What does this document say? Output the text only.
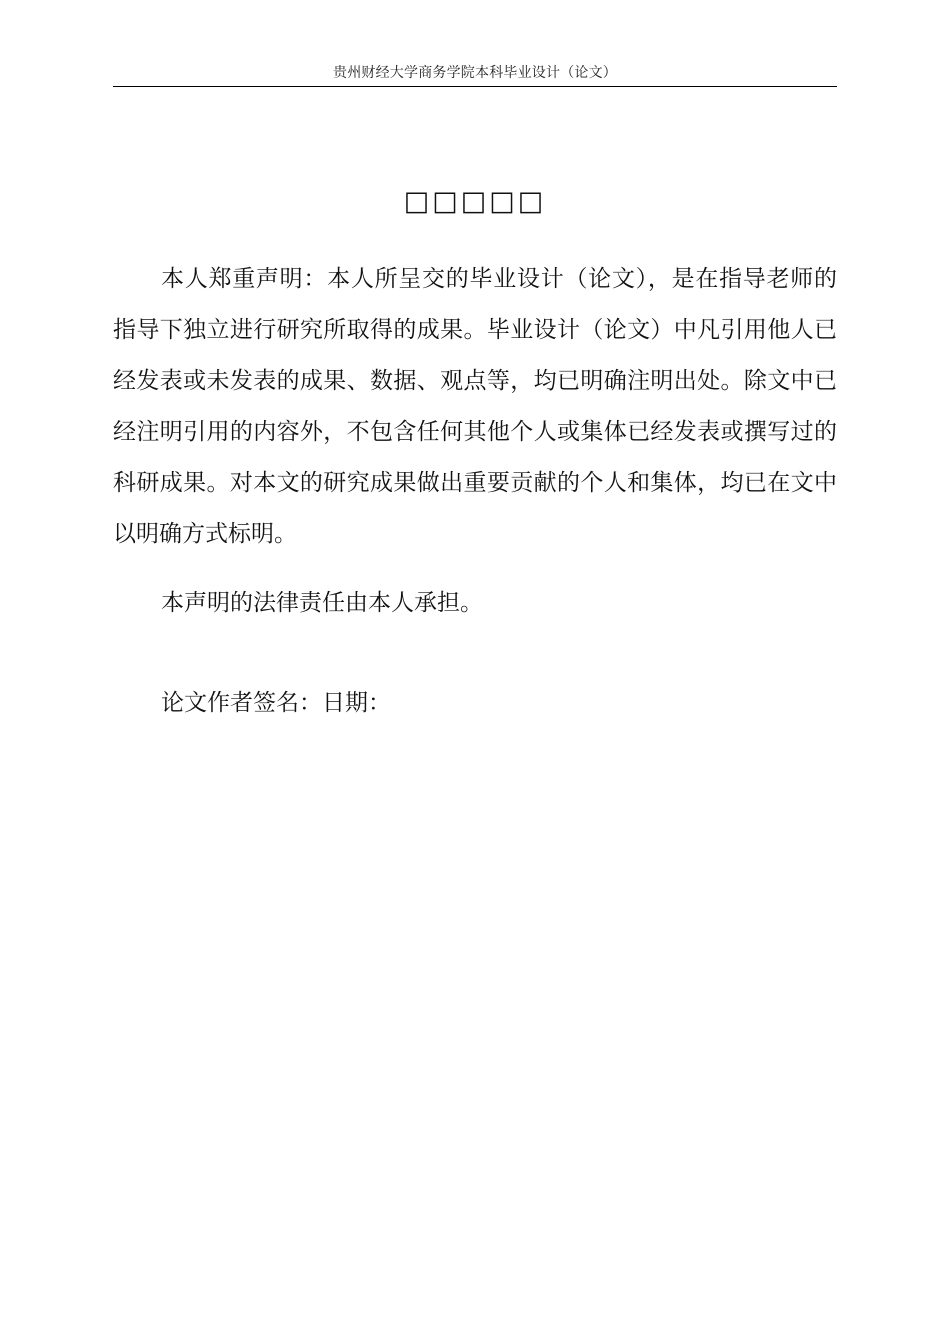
贵州财经大学商务学院本科毕业设计（论文）
□□□□□

本人郑重声明：本人所呈交的毕业设计（论文），是在指导老师的指导下独立进行研究所取得的成果。毕业设计（论文）中凡引用他人已经发表或未发表的成果、数据、观点等，均已明确注明出处。除文中已经注明引用的内容外，不包含任何其他个人或集体已经发表或撰写过的科研成果。对本文的研究成果做出重要贡献的个人和集体，均已在文中以明确方式标明。

本声明的法律责任由本人承担。

论文作者签名：日期：
